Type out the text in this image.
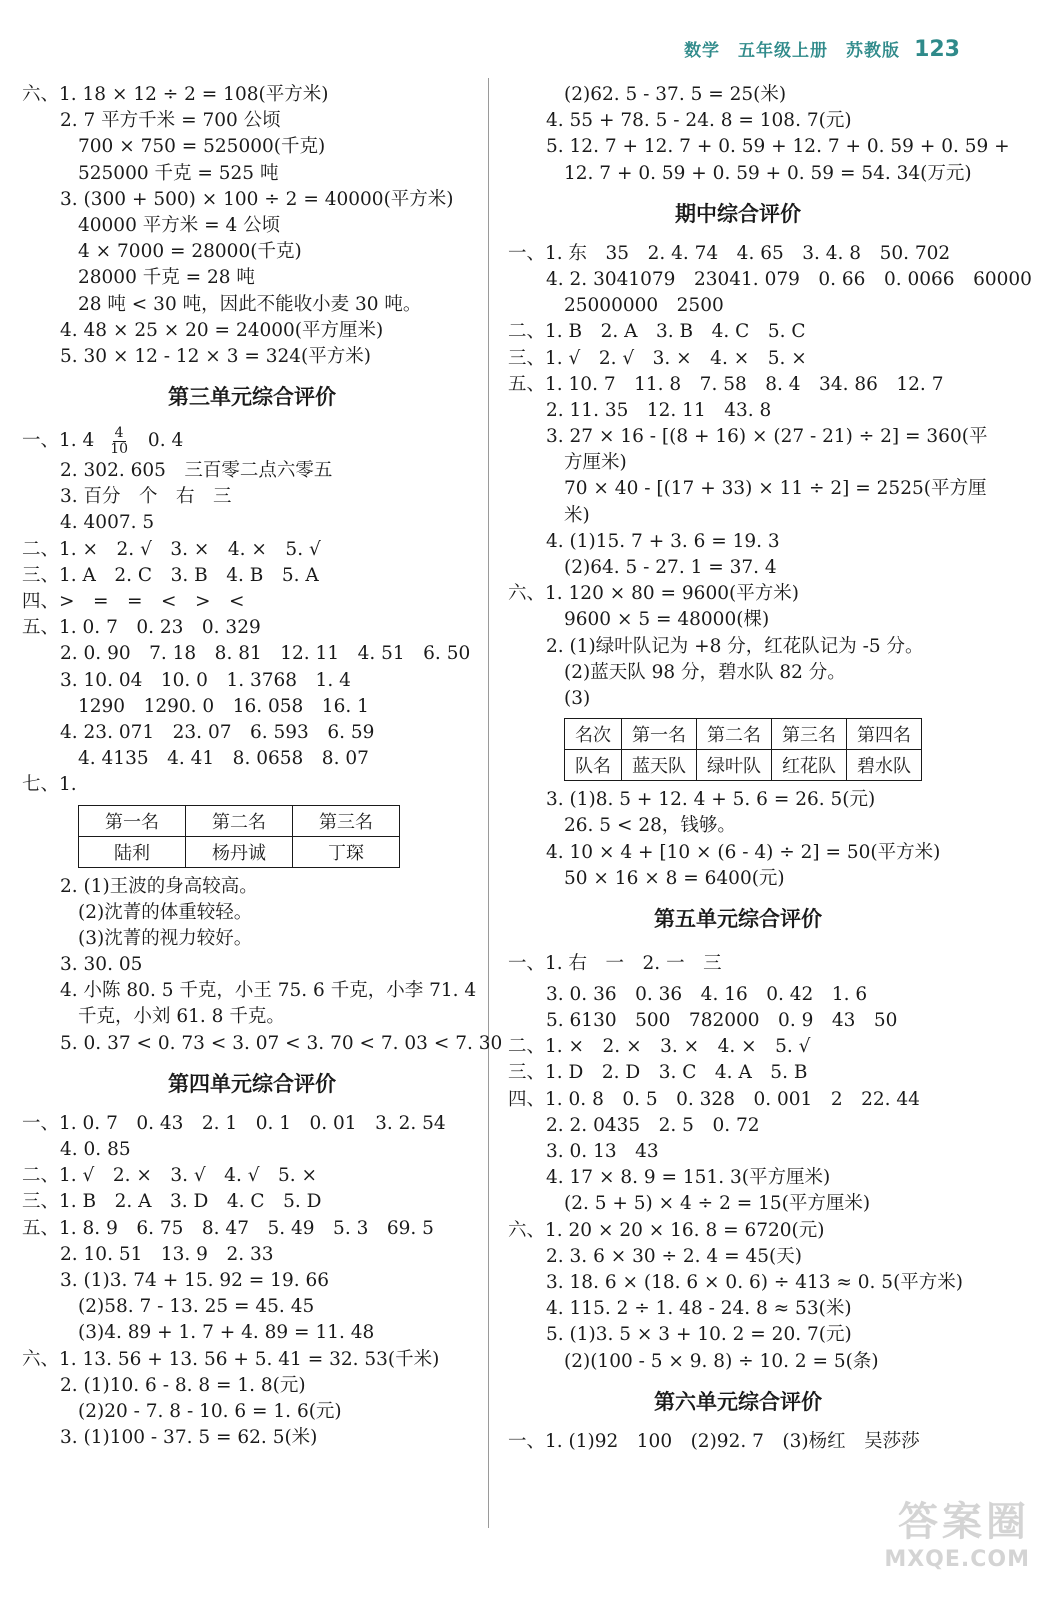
数学　五年级上册　苏教版 123
六、1. 18 × 12 ÷ 2 = 108(平方米)
2. 7 平方千米 = 700 公顷
700 × 750 = 525000(千克)
525000 千克 = 525 吨
3. (300 + 500) × 100 ÷ 2 = 40000(平方米)
40000 平方米 = 4 公顷
4 × 7000 = 28000(千克)
28000 千克 = 28 吨
28 吨 < 30 吨，因此不能收小麦 30 吨。
4. 48 × 25 × 20 = 24000(平方厘米)
5. 30 × 12 - 12 × 3 = 324(平方米)
第三单元综合评价
一、1. $4 \frac{4}{10} 0$. 4
2. 302. 605　三百零二点六零五
3. 百分　个　右　三
4. 4007. 5
二、1. ×　2. √　3. ×　4. ×　5. √
三、1. A　2. C　3. B　4. B　5. A
四、>　=　=　<　>　<
五、1. 0. 7　0. 23　0. 329
2. 0. 90　7. 18　8. 81　12. 11　4. 51　6. 50
3. 10. 04　10. 0　1. 3768　1. 4
1290　1290. 0　16. 058　16. 1
4. 23. 071　23. 07　6. 593　6. 59
4. 4135　4. 41　8. 0658　8. 07
七、1.
第一名	第二名	第三名
陆利	杨丹诚	丁琛
2. (1)王波的身高较高。
(2)沈菁的体重较轻。
(3)沈菁的视力较好。
3. 30. 05
4. 小陈 80. 5 千克，小王 75. 6 千克，小李 71. 4
千克，小刘 61. 8 千克。
5. 0. 37 < 0. 73 < 3. 07 < 3. 70 < 7. 03 < 7. 30
第四单元综合评价
一、1. 0. 7　0. 43　2. 1　0. 1　0. 01　3. 2. 54
4. 0. 85
二、1. √　2. ×　3. √　4. √　5. ×
三、1. B　2. A　3. D　4. C　5. D
五、1. 8. 9　6. 75　8. 47　5. 49　5. 3　69. 5
2. 10. 51　13. 9　2. 33
3. (1)3. 74 + 15. 92 = 19. 66
(2)58. 7 - 13. 25 = 45. 45
(3)4. 89 + 1. 7 + 4. 89 = 11. 48
六、1. 13. 56 + 13. 56 + 5. 41 = 32. 53(千米)
2. (1)10. 6 - 8. 8 = 1. 8(元)
(2)20 - 7. 8 - 10. 6 = 1. 6(元)
3. (1)100 - 37. 5 = 62. 5(米)
(2)62. 5 - 37. 5 = 25(米)
4. 55 + 78. 5 - 24. 8 = 108. 7(元)
5. 12. 7 + 12. 7 + 0. 59 + 12. 7 + 0. 59 + 0. 59 +
12. 7 + 0. 59 + 0. 59 + 0. 59 = 54. 34(万元)
期中综合评价
一、1. 东　35　2. 4. 74　4. 65　3. 4. 8　50. 702
4. 2. 3041079　23041. 079　0. 66　0. 0066　60000
25000000　2500
二、1. B　2. A　3. B　4. C　5. C
三、1. √　2. √　3. ×　4. ×　5. ×
五、1. 10. 7　11. 8　7. 58　8. 4　34. 86　12. 7
2. 11. 35　12. 11　43. 8
3. 27 × 16 - [(8 + 16) × (27 - 21) ÷ 2] = 360(平
方厘米)
70 × 40 - [(17 + 33) × 11 ÷ 2] = 2525(平方厘
米)
4. (1)15. 7 + 3. 6 = 19. 3
(2)64. 5 - 27. 1 = 37. 4
六、1. 120 × 80 = 9600(平方米)
9600 × 5 = 48000(棵)
2. (1)绿叶队记为 +8 分，红花队记为 -5 分。
(2)蓝天队 98 分，碧水队 82 分。
(3)
名次	第一名	第二名	第三名	第四名
队名	蓝天队	绿叶队	红花队	碧水队
3. (1)8. 5 + 12. 4 + 5. 6 = 26. 5(元)
26. 5 < 28，钱够。
4. 10 × 4 + [10 × (6 - 4) ÷ 2] = 50(平方米)
50 × 16 × 8 = 6400(元)
第五单元综合评价
一、1. 右　一　2. 一　三
3. 0. 36　0. 36　4. 16　0. 42　1. 6
5. 6130　500　782000　0. 9　43　50
二、1. ×　2. ×　3. ×　4. ×　5. √
三、1. D　2. D　3. C　4. A　5. B
四、1. 0. 8　0. 5　0. 328　0. 001　2　22. 44
2. 2. 0435　2. 5　0. 72
3. 0. 13　43
4. 17 × 8. 9 = 151. 3(平方厘米)
(2. 5 + 5) × 4 ÷ 2 = 15(平方厘米)
六、1. 20 × 20 × 16. 8 = 6720(元)
2. 3. 6 × 30 ÷ 2. 4 = 45(天)
3. 18. 6 × (18. 6 × 0. 6) ÷ 413 ≈ 0. 5(平方米)
4. 115. 2 ÷ 1. 48 - 24. 8 ≈ 53(米)
5. (1)3. 5 × 3 + 10. 2 = 20. 7(元)
(2)(100 - 5 × 9. 8) ÷ 10. 2 = 5(条)
第六单元综合评价
一、1. (1)92　100　(2)92. 7　(3)杨红　吴莎莎
答案圈
MXQE.COM
